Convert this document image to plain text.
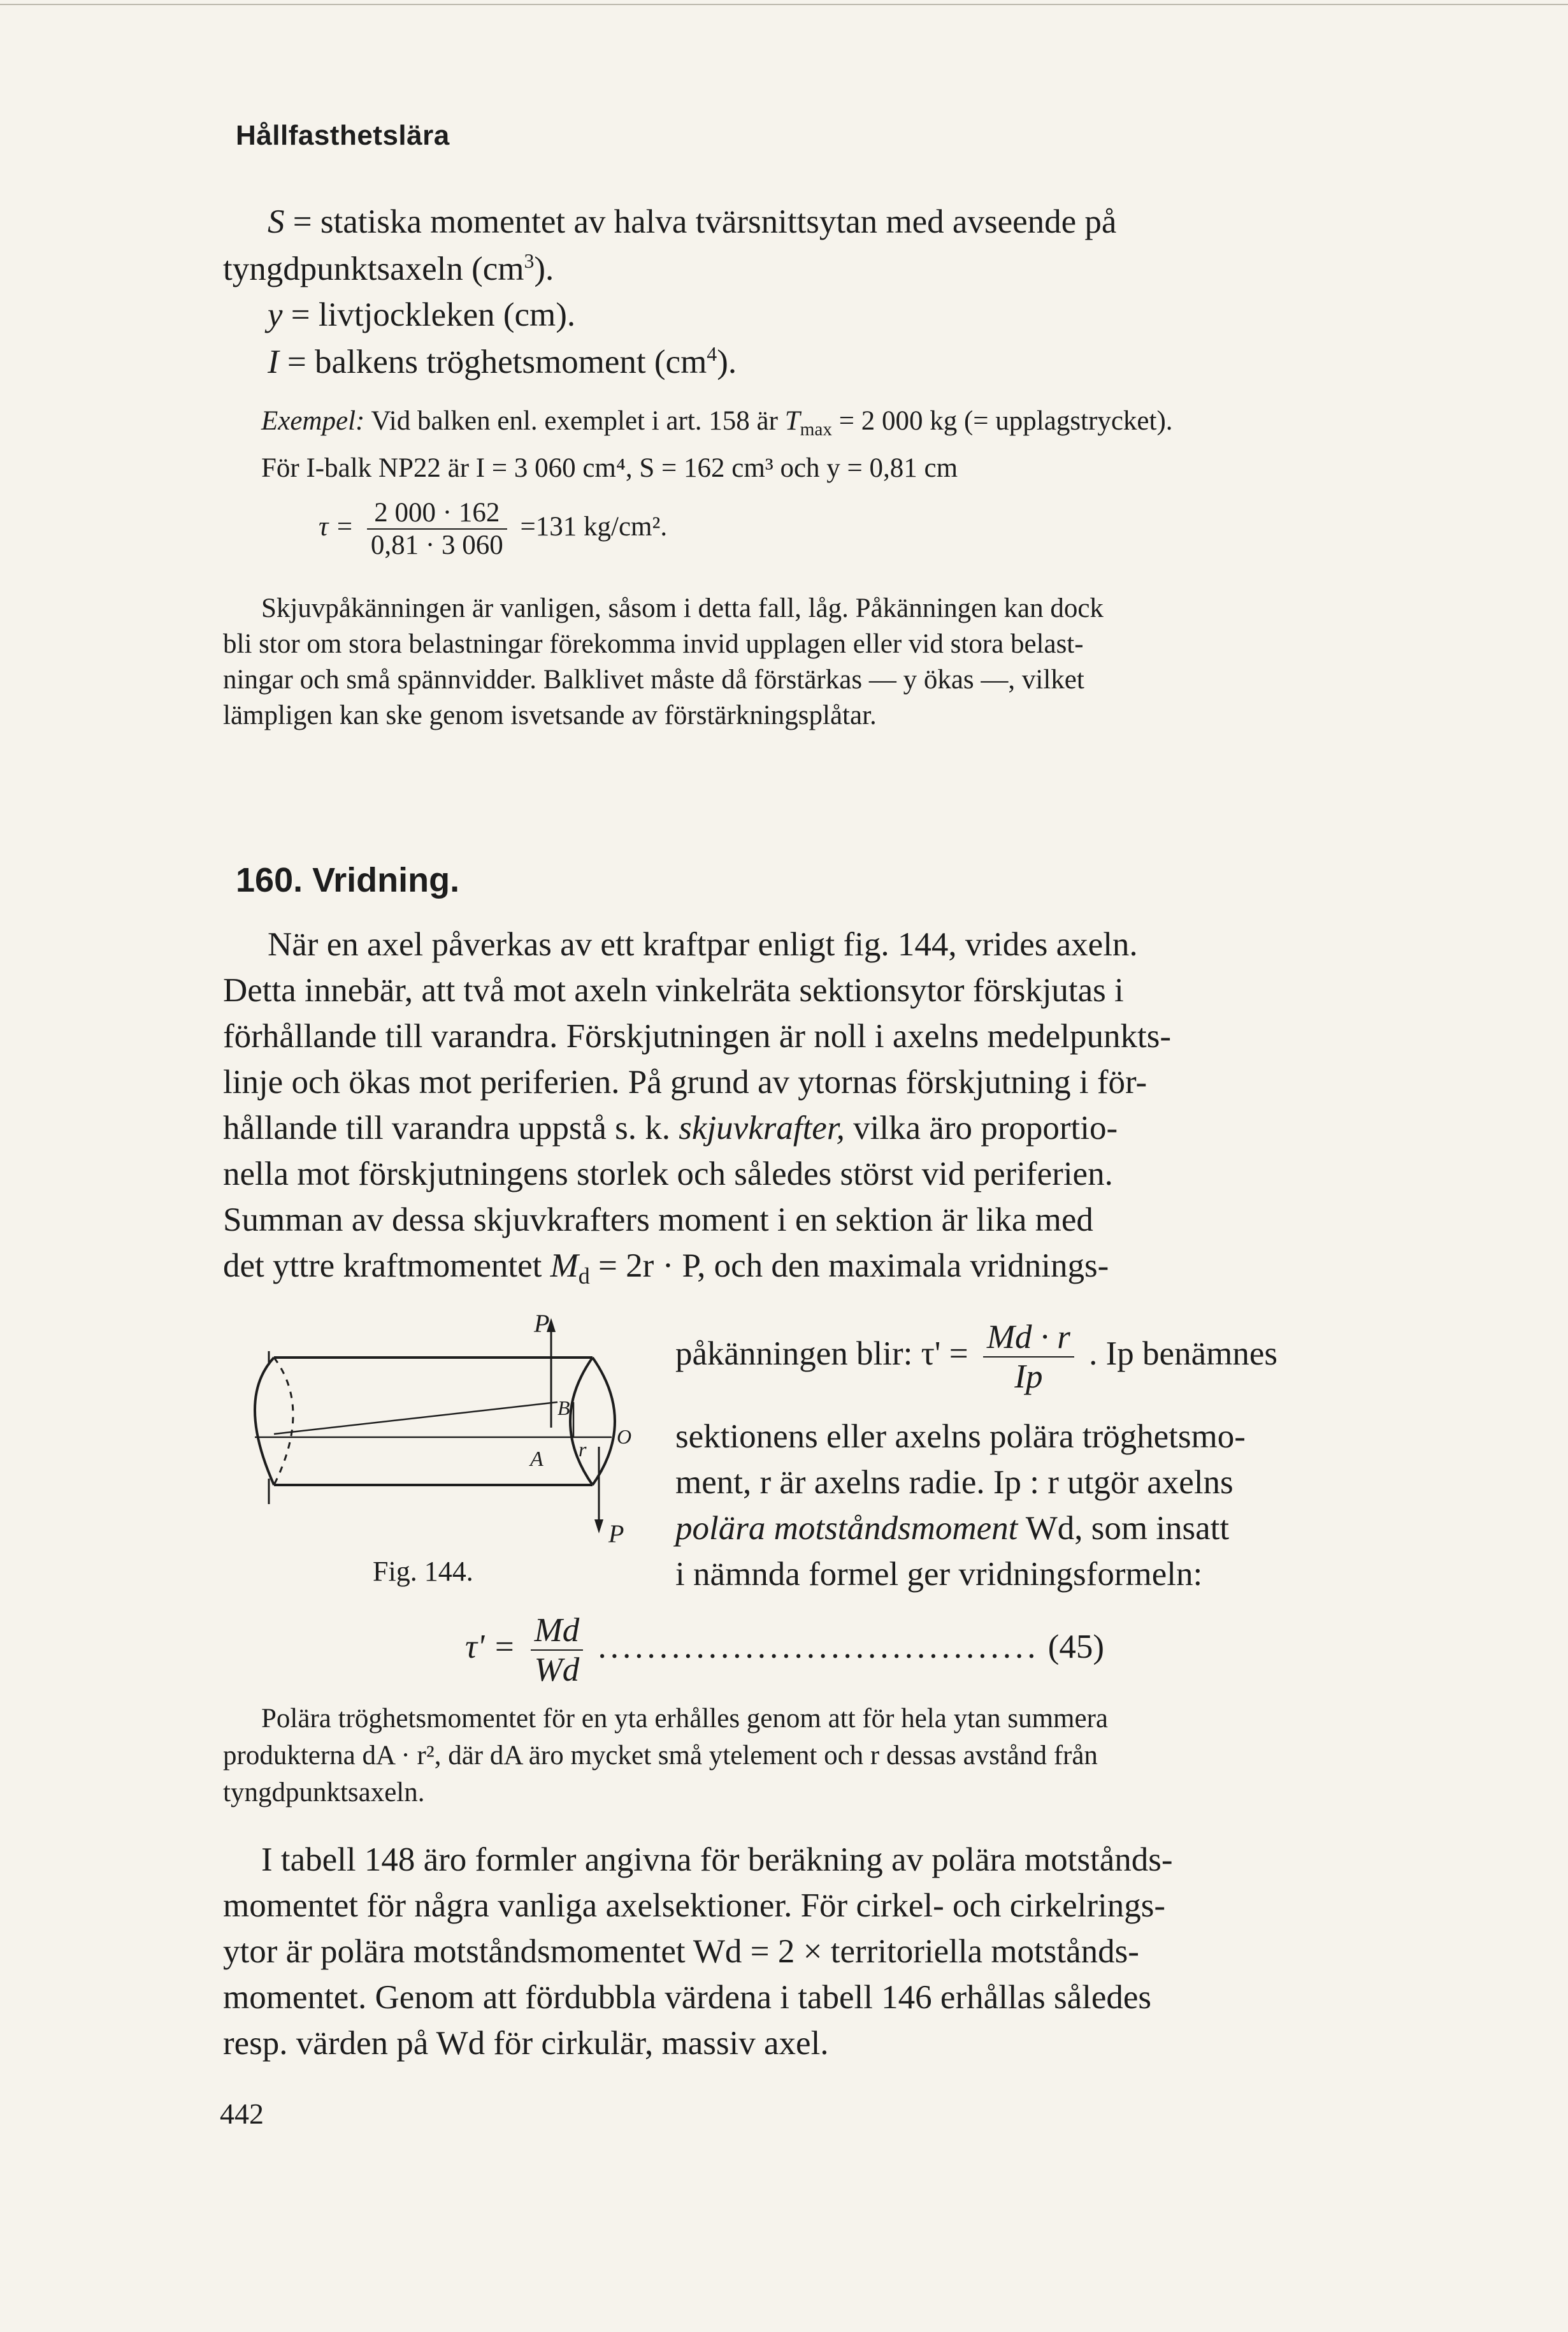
Hållfasthetslära
S = statiska momentet av halva tvärsnittsytan med avseende på
tyngdpunktsaxeln $(cm^3)$.
y = livtjockleken (cm).
I = balkens tröghetsmoment $(cm^4)$.
Exempel: Vid balken enl. exemplet i art. 158 är $T_{max} = 2$ 000 kg (= upplagstrycket).
För I-balk NP22 är I = 3 060 cm⁴, S = 162 cm³ och y = 0,81 cm
$\tau = \frac{2 000 \cdot 162}{0,81 \cdot 3 060} =131$ kg/cm².
Skjuvpåkänningen är vanligen, såsom i detta fall, låg. Påkänningen kan dock
bli stor om stora belastningar förekomma invid upplagen eller vid stora belast-
ningar och små spännvidder. Balklivet måste då förstärkas — y ökas —, vilket
lämpligen kan ske genom isvetsande av förstärkningsplåtar.
160. Vridning.
När en axel påverkas av ett kraftpar enligt fig. 144, vrides axeln.
Detta innebär, att två mot axeln vinkelräta sektionsytor förskjutas i
förhållande till varandra. Förskjutningen är noll i axelns medelpunkts-
linje och ökas mot periferien. På grund av ytornas förskjutning i för-
hållande till varandra uppstå s. k. skjuvkrafter, vilka äro proportio-
nella mot förskjutningens storlek och således störst vid periferien.
Summan av dessa skjuvkrafters moment i en sektion är lika med
det yttre kraftmomentet $M_d = 2r \cdot P$, och den maximala vridnings-
P
P
B
A r
O
Fig. 144.
påkänningen blir: $\tau' = \frac{Md \cdot r}{Ip}$ . Ip benämnes
sektionens eller axelns polära tröghetsmo-
ment, r är axelns radie. Ip : r utgör axelns
polära motståndsmoment Wd, som insatt
i nämnda formel ger vridningsformeln:
$\tau' = \frac{Md}{Wd}$ .................................... (45)
Polära tröghetsmomentet för en yta erhålles genom att för hela ytan summera
produkterna dA · r², där dA äro mycket små ytelement och r dessas avstånd från
tyngdpunktsaxeln.
I tabell 148 äro formler angivna för beräkning av polära motstånds-
momentet för några vanliga axelsektioner. För cirkel- och cirkelrings-
ytor är polära motståndsmomentet Wd = 2 × territoriella motstånds-
momentet. Genom att fördubbla värdena i tabell 146 erhållas således
resp. värden på Wd för cirkulär, massiv axel.
442
